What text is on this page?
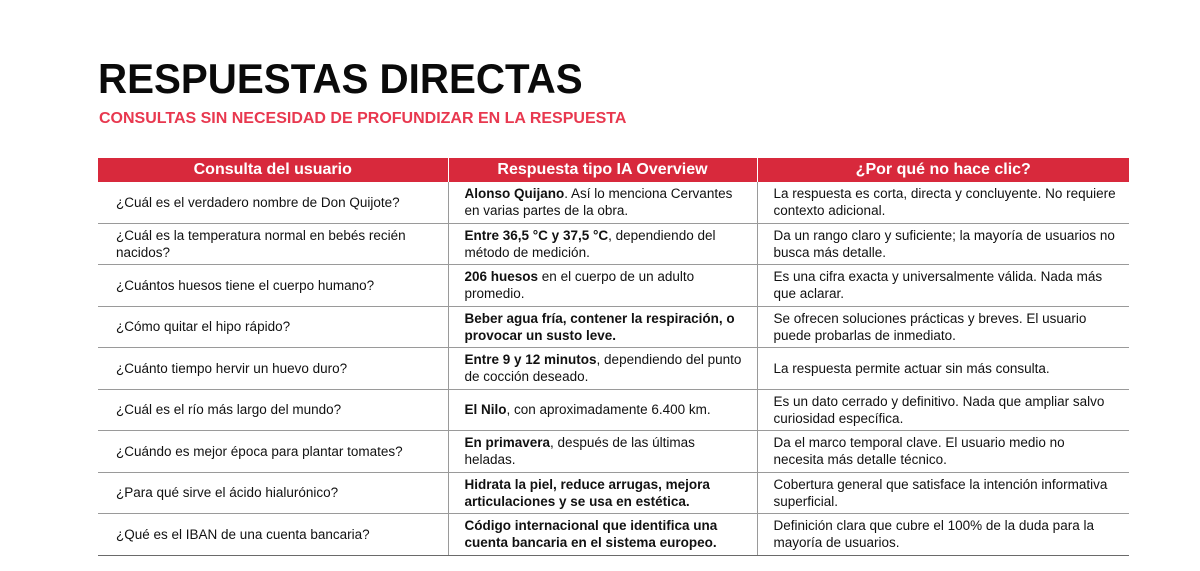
RESPUESTAS DIRECTAS
CONSULTAS SIN NECESIDAD DE PROFUNDIZAR EN LA RESPUESTA
Consulta del usuario	Respuesta tipo IA Overview	¿Por qué no hace clic?
¿Cuál es el verdadero nombre de Don Quijote?	Alonso Quijano. Así lo menciona Cervantes en varias partes de la obra.	La respuesta es corta, directa y concluyente. No requiere contexto adicional.
¿Cuál es la temperatura normal en bebés recién nacidos?	Entre 36,5 °C y 37,5 °C, dependiendo del método de medición.	Da un rango claro y suficiente; la mayoría de usuarios no busca más detalle.
¿Cuántos huesos tiene el cuerpo humano?	206 huesos en el cuerpo de un adulto promedio.	Es una cifra exacta y universalmente válida. Nada más que aclarar.
¿Cómo quitar el hipo rápido?	Beber agua fría, contener la respiración, o provocar un susto leve.	Se ofrecen soluciones prácticas y breves. El usuario puede probarlas de inmediato.
¿Cuánto tiempo hervir un huevo duro?	Entre 9 y 12 minutos, dependiendo del punto de cocción deseado.	La respuesta permite actuar sin más consulta.
¿Cuál es el río más largo del mundo?	El Nilo, con aproximadamente 6.400 km.	Es un dato cerrado y definitivo. Nada que ampliar salvo curiosidad específica.
¿Cuándo es mejor época para plantar tomates?	En primavera, después de las últimas heladas.	Da el marco temporal clave. El usuario medio no necesita más detalle técnico.
¿Para qué sirve el ácido hialurónico?	Hidrata la piel, reduce arrugas, mejora articulaciones y se usa en estética.	Cobertura general que satisface la intención informativa superficial.
¿Qué es el IBAN de una cuenta bancaria?	Código internacional que identifica una cuenta bancaria en el sistema europeo.	Definición clara que cubre el 100% de la duda para la mayoría de usuarios.
